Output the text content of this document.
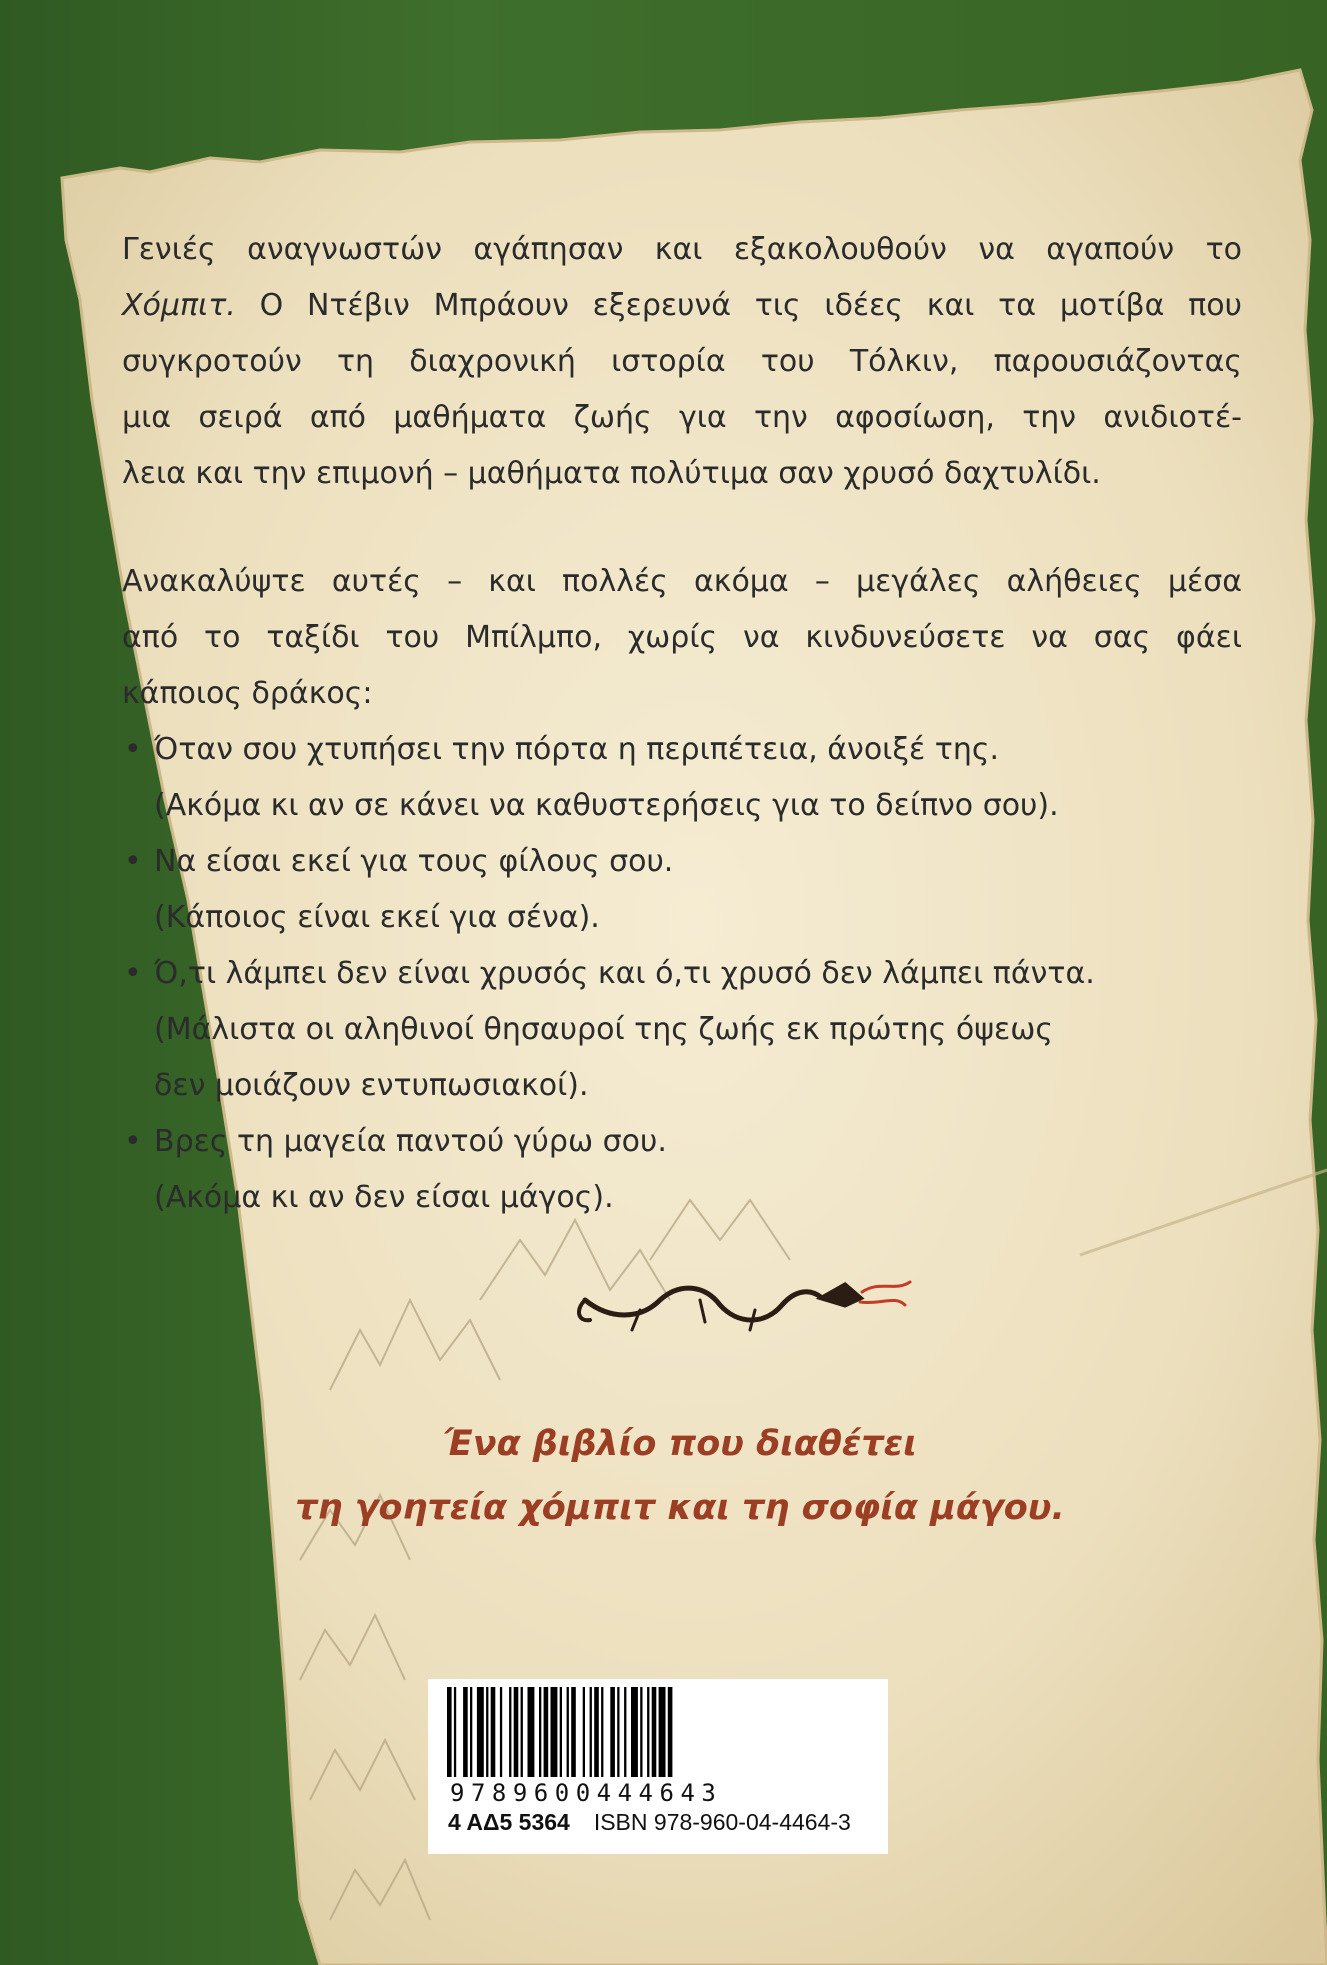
Γενιές αναγνωστών αγάπησαν και εξακολουθούν να αγαπούν το
Χόμπιτ. Ο Ντέβιν Μπράουν εξερευνά τις ιδέες και τα μοτίβα που
συγκροτούν τη διαχρονική ιστορία του Τόλκιν, παρουσιάζοντας
μια σειρά από μαθήματα ζωής για την αφοσίωση, την ανιδιοτέ-
λεια και την επιμονή – μαθήματα πολύτιμα σαν χρυσό δαχτυλίδι.
Ανακαλύψτε αυτές – και πολλές ακόμα – μεγάλες αλήθειες μέσα
από το ταξίδι του Μπίλμπο, χωρίς να κινδυνεύσετε να σας φάει
κάποιος δράκος:
• Όταν σου χτυπήσει την πόρτα η περιπέτεια, άνοιξέ της.
(Ακόμα κι αν σε κάνει να καθυστερήσεις για το δείπνο σου).
• Να είσαι εκεί για τους φίλους σου.
(Κάποιος είναι εκεί για σένα).
• Ό,τι λάμπει δεν είναι χρυσός και ό,τι χρυσό δεν λάμπει πάντα.
(Μάλιστα οι αληθινοί θησαυροί της ζωής εκ πρώτης όψεως
δεν μοιάζουν εντυπωσιακοί).
• Βρες τη μαγεία παντού γύρω σου.
(Ακόμα κι αν δεν είσαι μάγος).
Ένα βιβλίο που διαθέτει
τη γοητεία χόμπιτ και τη σοφία μάγου.
9789600444643
4 ΑΔ5 5364 ISBN 978-960-04-4464-3
